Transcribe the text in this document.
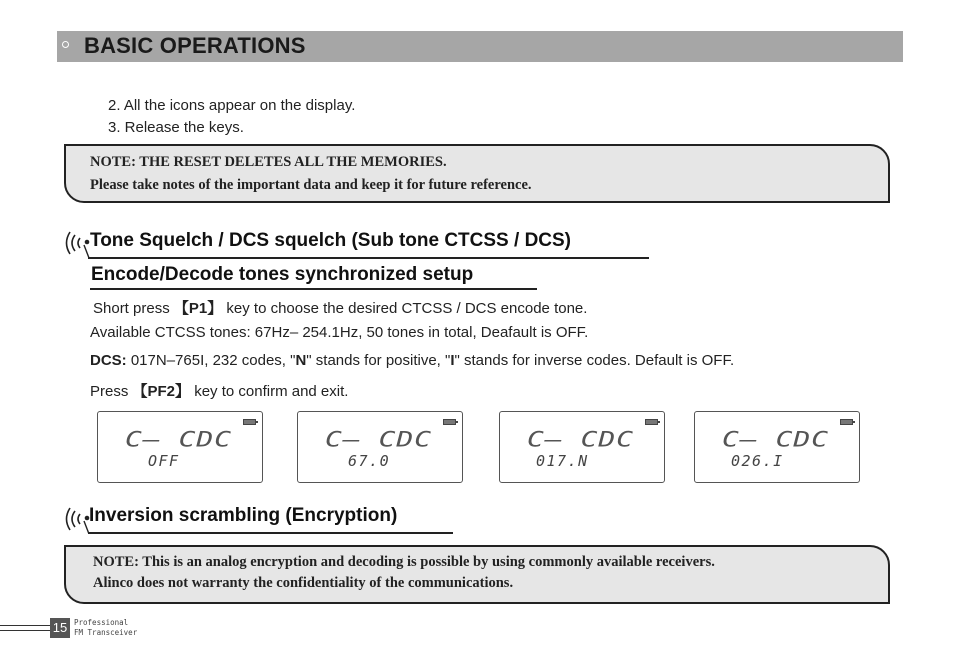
BASIC OPERATIONS
2. All the icons appear on the display.
3. Release the keys.
NOTE: THE RESET DELETES ALL THE MEMORIES.
Please take notes of the important data and keep it for future reference.
Tone Squelch / DCS squelch (Sub tone CTCSS / DCS)
Encode/Decode tones synchronized setup
Short press 【P1】 key to choose the desired CTCSS / DCS encode tone.
Available CTCSS tones: 67Hz– 254.1Hz, 50 tones in total, Deafault is OFF.
DCS: 017N–765I, 232 codes, "N" stands for positive, "I" stands for inverse codes. Default is OFF.
Press 【PF2】 key to confirm and exit.
C– CDC
OFF
C– CDC
67.0
C– CDC
017.N
C– CDC
026.I
Inversion scrambling (Encryption)
NOTE: This is an analog encryption and decoding is possible by using commonly available receivers.
Alinco does not warranty the confidentiality of the communications.
15 Professional
FM Transceiver
